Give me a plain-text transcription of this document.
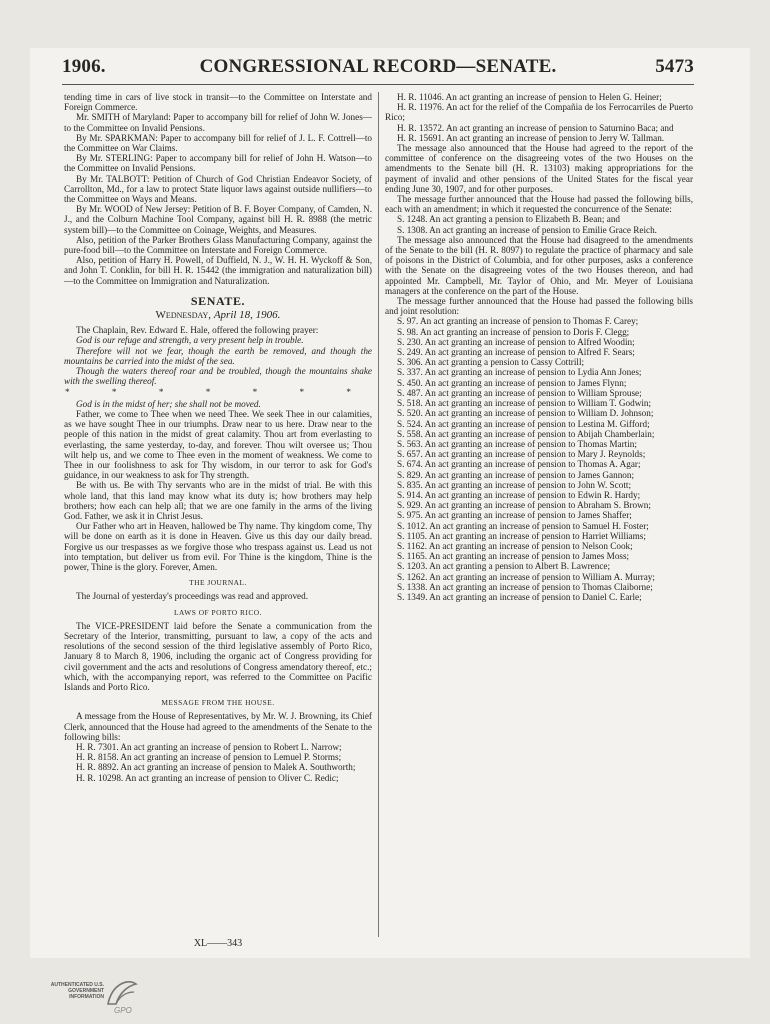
1906.	CONGRESSIONAL RECORD—SENATE.	5473

tending time in cars of live stock in transit—to the Committee on Interstate and Foreign Commerce.

Mr. SMITH of Maryland: Paper to accompany bill for relief of John W. Jones—to the Committee on Invalid Pensions.

By Mr. SPARKMAN: Paper to accompany bill for relief of J. L. F. Cottrell—to the Committee on War Claims.

By Mr. STERLING: Paper to accompany bill for relief of John H. Watson—to the Committee on Invalid Pensions.

By Mr. TALBOTT: Petition of Church of God Christian Endeavor Society, of Carrollton, Md., for a law to protect State liquor laws against outside nullifiers—to the Committee on Ways and Means.

By Mr. WOOD of New Jersey: Petition of B. F. Boyer Company, of Camden, N. J., and the Colburn Machine Tool Company, against bill H. R. 8988 (the metric system bill)—to the Committee on Coinage, Weights, and Measures.

Also, petition of the Parker Brothers Glass Manufacturing Company, against the pure-food bill—to the Committee on Interstate and Foreign Commerce.

Also, petition of Harry H. Powell, of Duffield, N. J., W. H. H. Wyckoff & Son, and John T. Conklin, for bill H. R. 15442 (the immigration and naturalization bill)—to the Committee on Immigration and Naturalization.

SENATE.
Wednesday, April 18, 1906.

The Chaplain, Rev. Edward E. Hale, offered the following prayer:

God is our refuge and strength, a very present help in trouble.

Therefore will not we fear, though the earth be removed, and though the mountains be carried into the midst of the sea.

Though the waters thereof roar and be troubled, though the mountains shake with the swelling thereof.

* * * * * * *

God is in the midst of her; she shall not be moved.

Father, we come to Thee when we need Thee. We seek Thee in our calamities, as we have sought Thee in our triumphs. Draw near to us here. Draw near to the people of this nation in the midst of great calamity. Thou art from everlasting to everlasting, the same yesterday, to-day, and forever. Thou wilt oversee us; Thou wilt help us, and we come to Thee even in the moment of weakness. We come to Thee in our foolishness to ask for Thy wisdom, in our terror to ask for God's guidance, in our weakness to ask for Thy strength.

Be with us. Be with Thy servants who are in the midst of trial. Be with this whole land, that this land may know what its duty is; how brothers may help brothers; how each can help all; that we are one family in the arms of the living God. Father, we ask it in Christ Jesus.

Our Father who art in Heaven, hallowed be Thy name. Thy kingdom come, Thy will be done on earth as it is done in Heaven. Give us this day our daily bread. Forgive us our trespasses as we forgive those who trespass against us. Lead us not into temptation, but deliver us from evil. For Thine is the kingdom, Thine is the power, Thine is the glory. Forever, Amen.

THE JOURNAL.

The Journal of yesterday's proceedings was read and approved.

LAWS OF PORTO RICO.

The VICE-PRESIDENT laid before the Senate a communication from the Secretary of the Interior, transmitting, pursuant to law, a copy of the acts and resolutions of the second session of the third legislative assembly of Porto Rico, January 8 to March 8, 1906, including the organic act of Congress providing for civil government and the acts and resolutions of Congress amendatory thereof, etc.; which, with the accompanying report, was referred to the Committee on Pacific Islands and Porto Rico.

MESSAGE FROM THE HOUSE.

A message from the House of Representatives, by Mr. W. J. Browning, its Chief Clerk, announced that the House had agreed to the amendments of the Senate to the following bills:

H. R. 7301. An act granting an increase of pension to Robert L. Narrow;

H. R. 8158. An act granting an increase of pension to Lemuel P. Storms;

H. R. 8892. An act granting an increase of pension to Malek A. Southworth;

H. R. 10298. An act granting an increase of pension to Oliver C. Redic;

H. R. 11046. An act granting an increase of pension to Helen G. Heiner;

H. R. 11976. An act for the relief of the Compañia de los Ferrocarriles de Puerto Rico;

H. R. 13572. An act granting an increase of pension to Saturnino Baca; and

H. R. 15691. An act granting an increase of pension to Jerry W. Tallman.

The message also announced that the House had agreed to the report of the committee of conference on the disagreeing votes of the two Houses on the amendments to the Senate bill (H. R. 13103) making appropriations for the payment of invalid and other pensions of the United States for the fiscal year ending June 30, 1907, and for other purposes.

The message further announced that the House had passed the following bills, each with an amendment; in which it requested the concurrence of the Senate:

S. 1248. An act granting a pension to Elizabeth B. Bean; and

S. 1308. An act granting an increase of pension to Emilie Grace Reich.

The message also announced that the House had disagreed to the amendments of the Senate to the bill (H. R. 8097) to regulate the practice of pharmacy and sale of poisons in the District of Columbia, and for other purposes, asks a conference with the Senate on the disagreeing votes of the two Houses thereon, and had appointed Mr. Campbell, Mr. Taylor of Ohio, and Mr. Meyer of Louisiana managers at the conference on the part of the House.

The message further announced that the House had passed the following bills and joint resolution:

S. 97. An act granting an increase of pension to Thomas F. Carey;

S. 98. An act granting an increase of pension to Doris F. Clegg;

S. 230. An act granting an increase of pension to Alfred Woodin;

S. 249. An act granting an increase of pension to Alfred F. Sears;

S. 306. An act granting a pension to Cassy Cottrill;

S. 337. An act granting an increase of pension to Lydia Ann Jones;

S. 450. An act granting an increase of pension to James Flynn;

S. 487. An act granting an increase of pension to William Sprouse;

S. 518. An act granting an increase of pension to William T. Godwin;

S. 520. An act granting an increase of pension to William D. Johnson;

S. 524. An act granting an increase of pension to Lestina M. Gifford;

S. 558. An act granting an increase of pension to Abijah Chamberlain;

S. 563. An act granting an increase of pension to Thomas Martin;

S. 657. An act granting an increase of pension to Mary J. Reynolds;

S. 674. An act granting an increase of pension to Thomas A. Agar;

S. 829. An act granting an increase of pension to James Gannon;

S. 835. An act granting an increase of pension to John W. Scott;

S. 914. An act granting an increase of pension to Edwin R. Hardy;

S. 929. An act granting an increase of pension to Abraham S. Brown;

S. 975. An act granting an increase of pension to James Shaffer;

S. 1012. An act granting an increase of pension to Samuel H. Foster;

S. 1105. An act granting an increase of pension to Harriet Williams;

S. 1162. An act granting an increase of pension to Nelson Cook;

S. 1165. An act granting an increase of pension to James Moss;

S. 1203. An act granting a pension to Albert B. Lawrence;

S. 1262. An act granting an increase of pension to William A. Murray;

S. 1338. An act granting an increase of pension to Thomas Claiborne;

S. 1349. An act granting an increase of pension to Daniel C. Earle;

XL——343
AUTHENTICATED U.S. GOVERNMENT INFORMATION
GPO
